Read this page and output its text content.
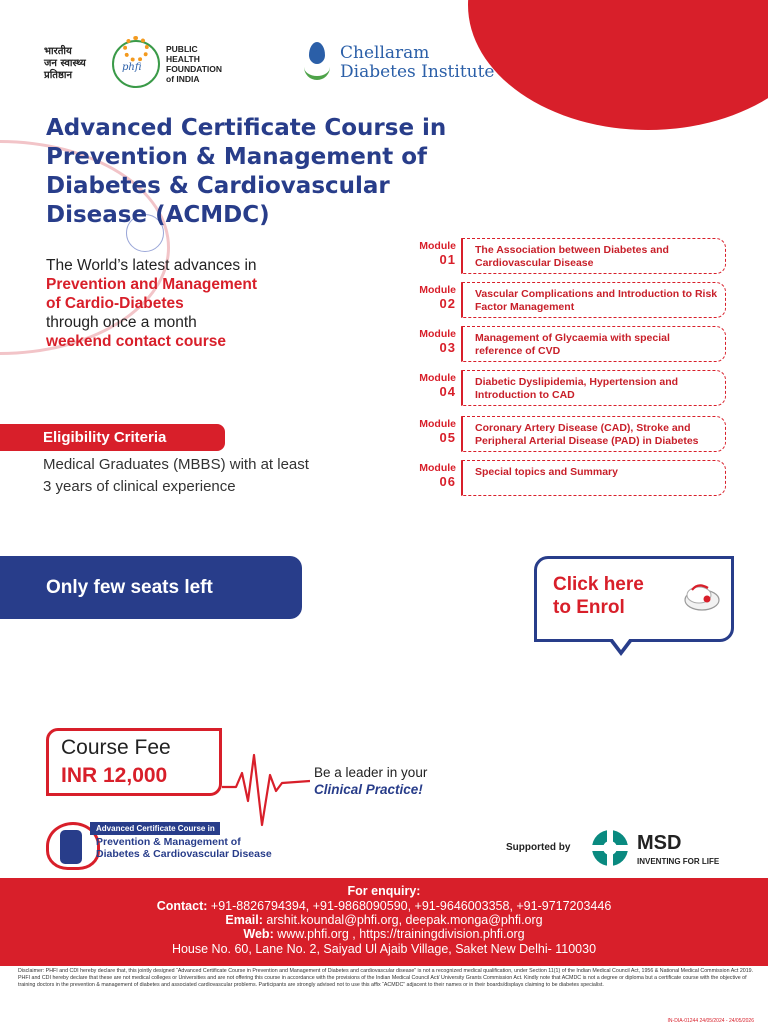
भारतीय
जन स्वास्थ्य
प्रतिष्ठान
phfi
PUBLIC
HEALTH
FOUNDATION
of INDIA
Chellaram
Diabetes Institute
Advanced Certificate Course in
Prevention & Management of
Diabetes & Cardiovascular
Disease (ACMDC)
The World’s latest advances in
Prevention and Management
of Cardio-Diabetes
through once a month
weekend contact course
Eligibility Criteria
Medical Graduates (MBBS) with at least 3 years of clinical experience
Module
01
The Association between Diabetes and Cardiovascular Disease
Module
02
Vascular Complications and Introduction to Risk Factor Management
Module
03
Management of Glycaemia with special reference of CVD
Module
04
Diabetic Dyslipidemia, Hypertension and Introduction to CAD
Module
05
Coronary Artery Disease (CAD), Stroke and Peripheral Arterial Disease (PAD) in Diabetes
Module
06
Special topics and Summary
Only few seats left	Click here
to Enrol
Course Fee
INR 12,000	Be a leader in your
Clinical Practice!
Advanced Certificate Course in
Prevention & Management of
Diabetes & Cardiovascular Disease
Supported by	MSD
INVENTING FOR LIFE
For enquiry:
Contact: +91-8826794394, +91-9868090590, +91-9646003358, +91-9717203446
Email: arshit.koundal@phfi.org, deepak.monga@phfi.org
Web: www.phfi.org , https://trainingdivision.phfi.org
House No. 60, Lane No. 2, Saiyad Ul Ajaib Village, Saket New Delhi- 110030
Disclaimer: PHFI and CDI hereby declare that, this jointly designed “Advanced Certificate Course in Prevention and Management of Diabetes and cardiovascular disease” is not a recognized medical qualification, under Section 11(1) of the Indian Medical Council Act, 1956 & National Medical Commission Act 2019. PHFI and CDI hereby declare that these are not medical colleges or Universities and are not offering this course in accordance with the provisions of the Indian Medical Council Act/ University Grants Commission Act. Kindly note that ACMDC is not a degree or diploma but a certificate course with the objective of training doctors in the prevention & management of diabetes and associated cardiovascular problems. Participants are strongly advised not to use this affix “ACMDC” adjacent to their names or in their boards/displays claiming to be diabetes specialist.
IN-DIA-01244 24/05/2024 - 24/05/2026
